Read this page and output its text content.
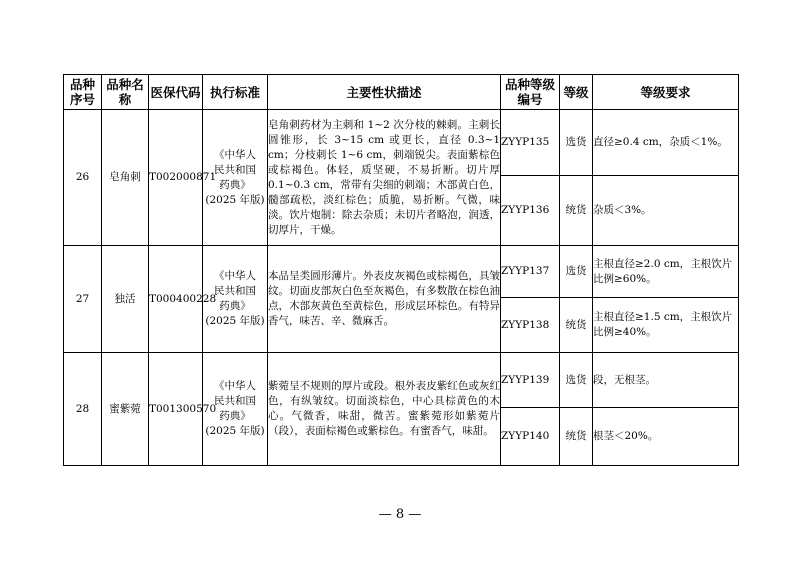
品种序号	品种名称	医保代码	执行标准	主要性状描述	品种等级编号	等级	等级要求
26	皂角刺	T002000871	《中华人
民共和国
药典》
(2025 年版)	皂角刺药材为主刺和 1~2 次分枝的棘刺。主刺长圆锥形，长 3~15 cm 或更长，直径 0.3~1 cm；分枝刺长 1~6 cm，刺端锐尖。表面紫棕色或棕褐色。体轻，质坚硬，不易折断。切片厚 0.1~0.3 cm，常带有尖细的刺端；木部黄白色，髓部疏松，淡红棕色；质脆，易折断。气微，味淡。饮片炮制：除去杂质；未切片者略泡，润透，切厚片，干燥。	ZYYP135	选货	直径≥0.4 cm，杂质＜1%。
					ZYYP136	统货	杂质＜3%。
27	独活	T000400228	《中华人
民共和国
药典》
(2025 年版)	本品呈类圆形薄片。外表皮灰褐色或棕褐色，具皱纹。切面皮部灰白色至灰褐色，有多数散在棕色油点，木部灰黄色至黄棕色，形成层环棕色。有特异香气，味苦、辛、微麻舌。	ZYYP137	选货	主根直径≥2.0 cm，主根饮片比例≥60%。
					ZYYP138	统货	主根直径≥1.5 cm，主根饮片比例≥40%。
28	蜜紫菀	T001300570	《中华人
民共和国
药典》
(2025 年版)	紫菀呈不规则的厚片或段。根外表皮紫红色或灰红色，有纵皱纹。切面淡棕色，中心具棕黄色的木心。气微香，味甜，微苦。蜜紫菀形如紫菀片（段），表面棕褐色或紫棕色。有蜜香气，味甜。	ZYYP139	选货	段，无根茎。
					ZYYP140	统货	根茎＜20%。
— 8 —
